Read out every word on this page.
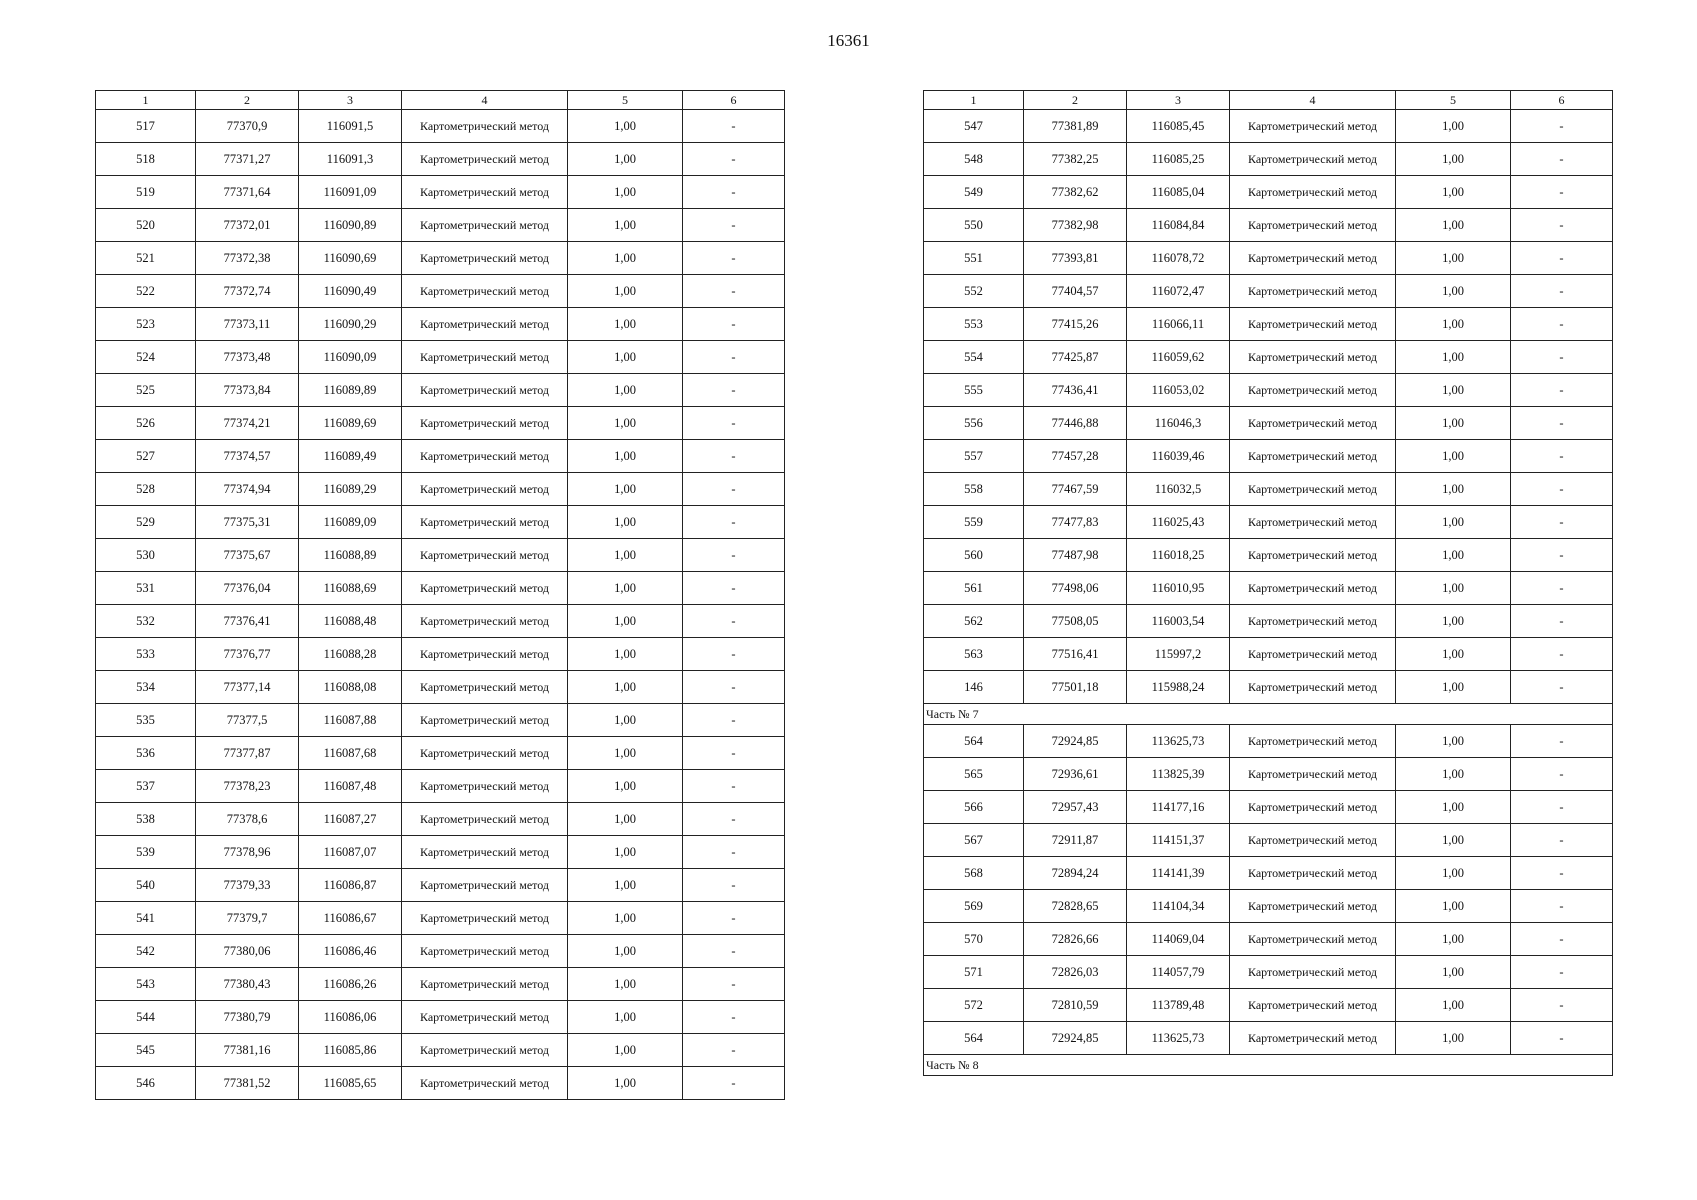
16361
1	2	3	4	5	6
517	77370,9	116091,5	Картометрический метод	1,00	-
518	77371,27	116091,3	Картометрический метод	1,00	-
519	77371,64	116091,09	Картометрический метод	1,00	-
520	77372,01	116090,89	Картометрический метод	1,00	-
521	77372,38	116090,69	Картометрический метод	1,00	-
522	77372,74	116090,49	Картометрический метод	1,00	-
523	77373,11	116090,29	Картометрический метод	1,00	-
524	77373,48	116090,09	Картометрический метод	1,00	-
525	77373,84	116089,89	Картометрический метод	1,00	-
526	77374,21	116089,69	Картометрический метод	1,00	-
527	77374,57	116089,49	Картометрический метод	1,00	-
528	77374,94	116089,29	Картометрический метод	1,00	-
529	77375,31	116089,09	Картометрический метод	1,00	-
530	77375,67	116088,89	Картометрический метод	1,00	-
531	77376,04	116088,69	Картометрический метод	1,00	-
532	77376,41	116088,48	Картометрический метод	1,00	-
533	77376,77	116088,28	Картометрический метод	1,00	-
534	77377,14	116088,08	Картометрический метод	1,00	-
535	77377,5	116087,88	Картометрический метод	1,00	-
536	77377,87	116087,68	Картометрический метод	1,00	-
537	77378,23	116087,48	Картометрический метод	1,00	-
538	77378,6	116087,27	Картометрический метод	1,00	-
539	77378,96	116087,07	Картометрический метод	1,00	-
540	77379,33	116086,87	Картометрический метод	1,00	-
541	77379,7	116086,67	Картометрический метод	1,00	-
542	77380,06	116086,46	Картометрический метод	1,00	-
543	77380,43	116086,26	Картометрический метод	1,00	-
544	77380,79	116086,06	Картометрический метод	1,00	-
545	77381,16	116085,86	Картометрический метод	1,00	-
546	77381,52	116085,65	Картометрический метод	1,00	-
1	2	3	4	5	6
547	77381,89	116085,45	Картометрический метод	1,00	-
548	77382,25	116085,25	Картометрический метод	1,00	-
549	77382,62	116085,04	Картометрический метод	1,00	-
550	77382,98	116084,84	Картометрический метод	1,00	-
551	77393,81	116078,72	Картометрический метод	1,00	-
552	77404,57	116072,47	Картометрический метод	1,00	-
553	77415,26	116066,11	Картометрический метод	1,00	-
554	77425,87	116059,62	Картометрический метод	1,00	-
555	77436,41	116053,02	Картометрический метод	1,00	-
556	77446,88	116046,3	Картометрический метод	1,00	-
557	77457,28	116039,46	Картометрический метод	1,00	-
558	77467,59	116032,5	Картометрический метод	1,00	-
559	77477,83	116025,43	Картометрический метод	1,00	-
560	77487,98	116018,25	Картометрический метод	1,00	-
561	77498,06	116010,95	Картометрический метод	1,00	-
562	77508,05	116003,54	Картометрический метод	1,00	-
563	77516,41	115997,2	Картометрический метод	1,00	-
146	77501,18	115988,24	Картометрический метод	1,00	-
Часть № 7					
564	72924,85	113625,73	Картометрический метод	1,00	-
565	72936,61	113825,39	Картометрический метод	1,00	-
566	72957,43	114177,16	Картометрический метод	1,00	-
567	72911,87	114151,37	Картометрический метод	1,00	-
568	72894,24	114141,39	Картометрический метод	1,00	-
569	72828,65	114104,34	Картометрический метод	1,00	-
570	72826,66	114069,04	Картометрический метод	1,00	-
571	72826,03	114057,79	Картометрический метод	1,00	-
572	72810,59	113789,48	Картометрический метод	1,00	-
564	72924,85	113625,73	Картометрический метод	1,00	-
Часть № 8					
